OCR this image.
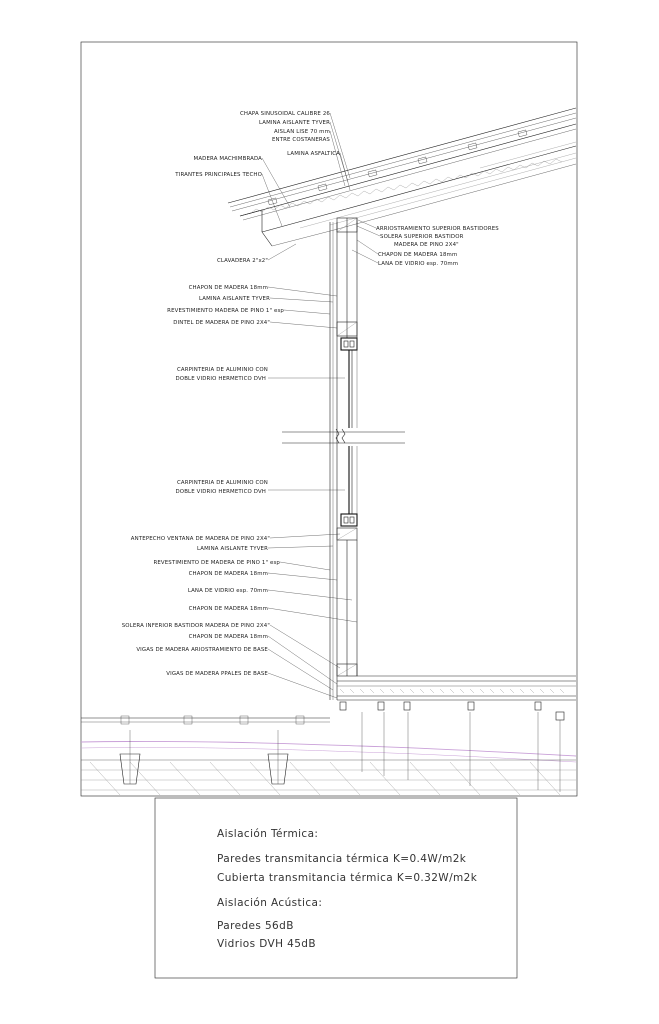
CHAPA SINUSOIDAL CALIBRE 26
LAMINA AISLANTE TYVER
AISLAN LISE 70 mm
ENTRE COSTANERAS
LAMINA ASFALTICA
MADERA MACHIMBRADA
TIRANTES PRINCIPALES TECHO
ARRIOSTRAMIENTO SUPERIOR BASTIDORES
SOLERA SUPERIOR BASTIDOR
MADERA DE PINO 2X4"
CHAPON DE MADERA 18mm
LANA DE VIDRIO esp. 70mm
CLAVADERA 2"x2"
CHAPON DE MADERA 18mm
LAMINA AISLANTE TYVER
REVESTIMIENTO MADERA DE PINO 1" esp
DINTEL DE MADERA DE PINO 2X4"
CARPINTERIA DE ALUMINIO CON
DOBLE VIDRIO HERMETICO DVH
CARPINTERIA DE ALUMINIO CON
DOBLE VIDRIO HERMETICO DVH
ANTEPECHO VENTANA DE MADERA DE PINO 2X4"
LAMINA AISLANTE TYVER
REVESTIMIENTO DE MADERA DE PINO 1" esp
CHAPON DE MADERA 18mm
LANA DE VIDRIO esp. 70mm
CHAPON DE MADERA 18mm
SOLERA INFERIOR BASTIDOR MADERA DE PINO 2X4"
CHAPON DE MADERA 18mm
VIGAS DE MADERA ARIOSTRAMIENTO DE BASE
VIGAS DE MADERA PPALES DE BASE
Aislación Térmica:
Paredes transmitancia térmica K=0.4W/m2k
Cubierta transmitancia térmica K=0.32W/m2k
Aislación Acústica:
Paredes 56dB
Vidrios DVH 45dB
